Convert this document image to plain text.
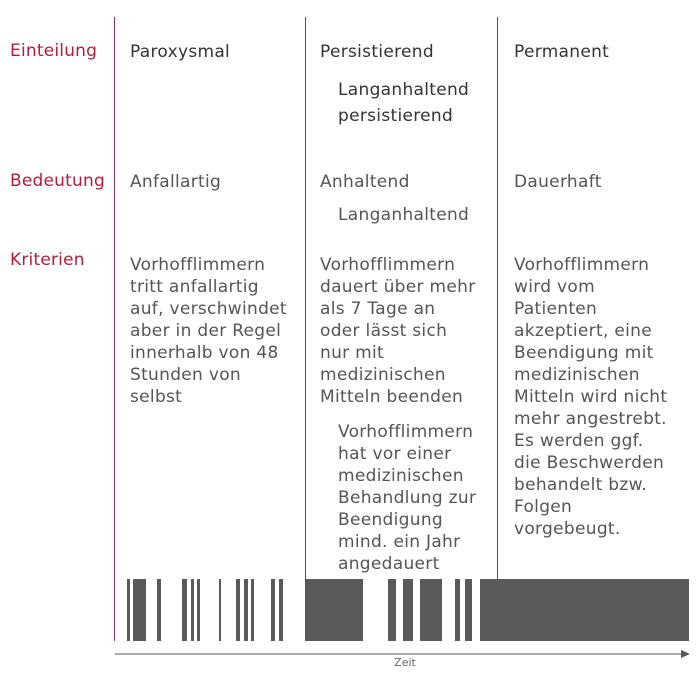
Einteilung
Bedeutung
Kriterien
Paroxysmal
Anfallartig
Vorhofflimmern
tritt anfallartig
auf, verschwindet
aber in der Regel
innerhalb von 48
Stunden von
selbst
Persistierend
Langanhaltend
persistierend
Anhaltend
Langanhaltend
Vorhofflimmern
dauert über mehr
als 7 Tage an
oder lässt sich
nur mit
medizinischen
Mitteln beenden
Vorhofflimmern
hat vor einer
medizinischen
Behandlung zur
Beendigung
mind. ein Jahr
angedauert
Permanent
Dauerhaft
Vorhofflimmern
wird vom
Patienten
akzeptiert, eine
Beendigung mit
medizinischen
Mitteln wird nicht
mehr angestrebt.
Es werden ggf.
die Beschwerden
behandelt bzw.
Folgen
vorgebeugt.
Zeit
